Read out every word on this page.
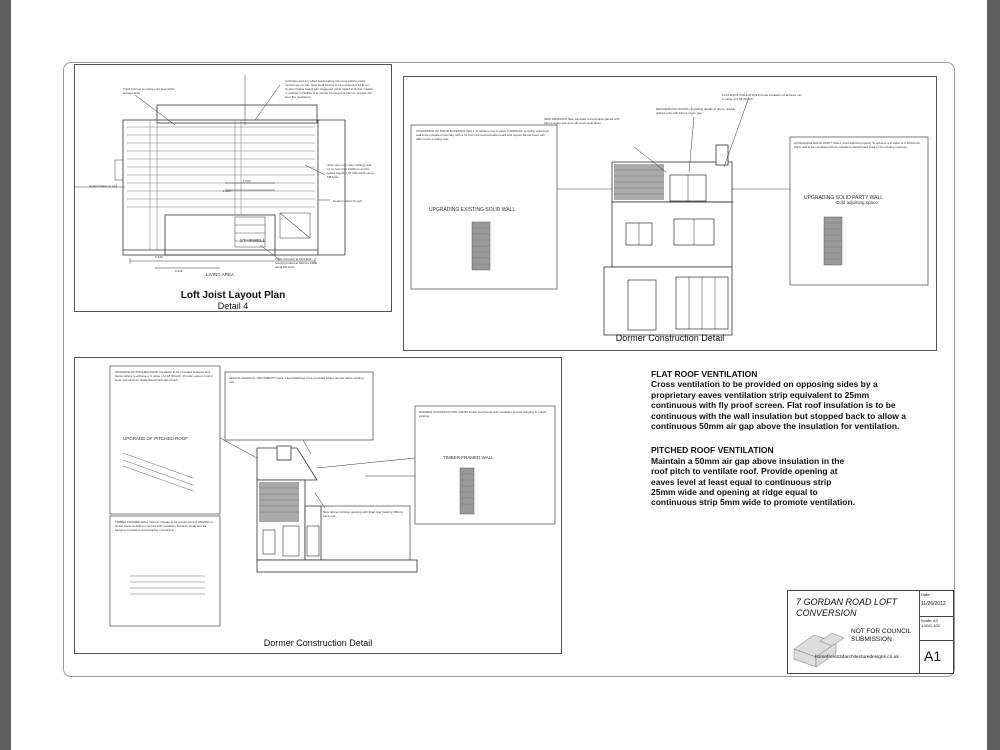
Triple trimmer to Carrie joist load within storage area
purlin/ties and any other load bearing elements before works commence on site. New steel beams to be encased in 12.5mm Gyproc fireline board with staggered joints nailed to timber cradles or painted in Nullifire S or similar intumescent paint to provide 1/2 hour fire resistance
Joist must over stay (ceiling) stud by no less than 1000mm and be bolted together 'M' 600 CRTs using M8 bolts
Triple trimmers to form stair opening bolted at 600mm CRTs using M8 bolts
STAIRWELL
LIVING AREA
1 000
1 400
3 340
6 338
Detail D Refer to pg3
Detail C Refer To pg3
Loft Joist Layout Plan
Detail 4
UPGRADING OF SOLID EXTERNAL WALL To achieve min U value 0.30W/m2K. Existing solid brick wall to be insulated internally with a 72.5mm thermal laminate board and vapour barrier fixed with dabs to the existing wall.
UPGRADING EXISTING SOLID WALL
UPGRADING SOLID PARTY WALL (cold adjoining space) To achieve a U value of 0.30W/m2K. Party wall to be insulated with an insulated plasterboard fixed to the existing masonry.
UPGRADING SOLID PARTY WALL
Cold adjoining space
NEW WINDOWS New windows to be double glazed with 16mm argon gap and soft coat low-E glass.
DEVICE/ROOF DOORS Upgrading details of doors, double glazed units with 16mm argon gap.
FLAT ROOF INSULATION Provide insulation to achieve min U value of 0.18 W/m2K.
Dormer Construction Detail
UPGRADE OF PITCHED ROOF Insulation to be provided between and below rafters to achieve a U value of 0.18 W/m2K. Provide vapour control layer and 12.5mm plasterboard with skim finish.
UPGRADE OF PITCHED ROOF
TIMBER FRAMED WALL Dormer cheeks to be constructed of 100x50mm timber studs at 400mm centres with insulation between studs and tile hanging on battens and breather membrane.
LEAD FLASHINGS / ABUTMENTS Code 4 lead flashings to be provided where dormer abuts existing roof.
DORMER CONSTRUCTION 100x50 timber stud frame with insulation and tile hanging to match existing.
TIMBER FRAMED WALL
New dormer window opening with lintel over bearing 150mm each end.
Dormer Construction Detail
FLAT ROOF VENTILATION
Cross ventilation to be provided on opposing sides by a proprietary eaves ventilation strip equivalent to 25mm continuous with fly proof screen. Flat roof insulation is to be continuous with the wall insulation but stopped back to allow a continuous 50mm air gap above the insulation for ventilation.
PITCHED ROOF VENTILATION
Maintain a 50mm air gap above insulation in the roof pitch to ventilate roof. Provide opening at eaves level at least equal to continuous strip 25mm wide and opening at ridge equal to continuous strip 5mm wide to promote ventilation.
7 GORDAN ROAD LOFT CONVERSION
NOT FOR COUNCIL SUBMISSION
homefronts3darchitecturedesigns.co.uk
Date:
11/26/2012
Scale: A3
1:50/1:100
A1
